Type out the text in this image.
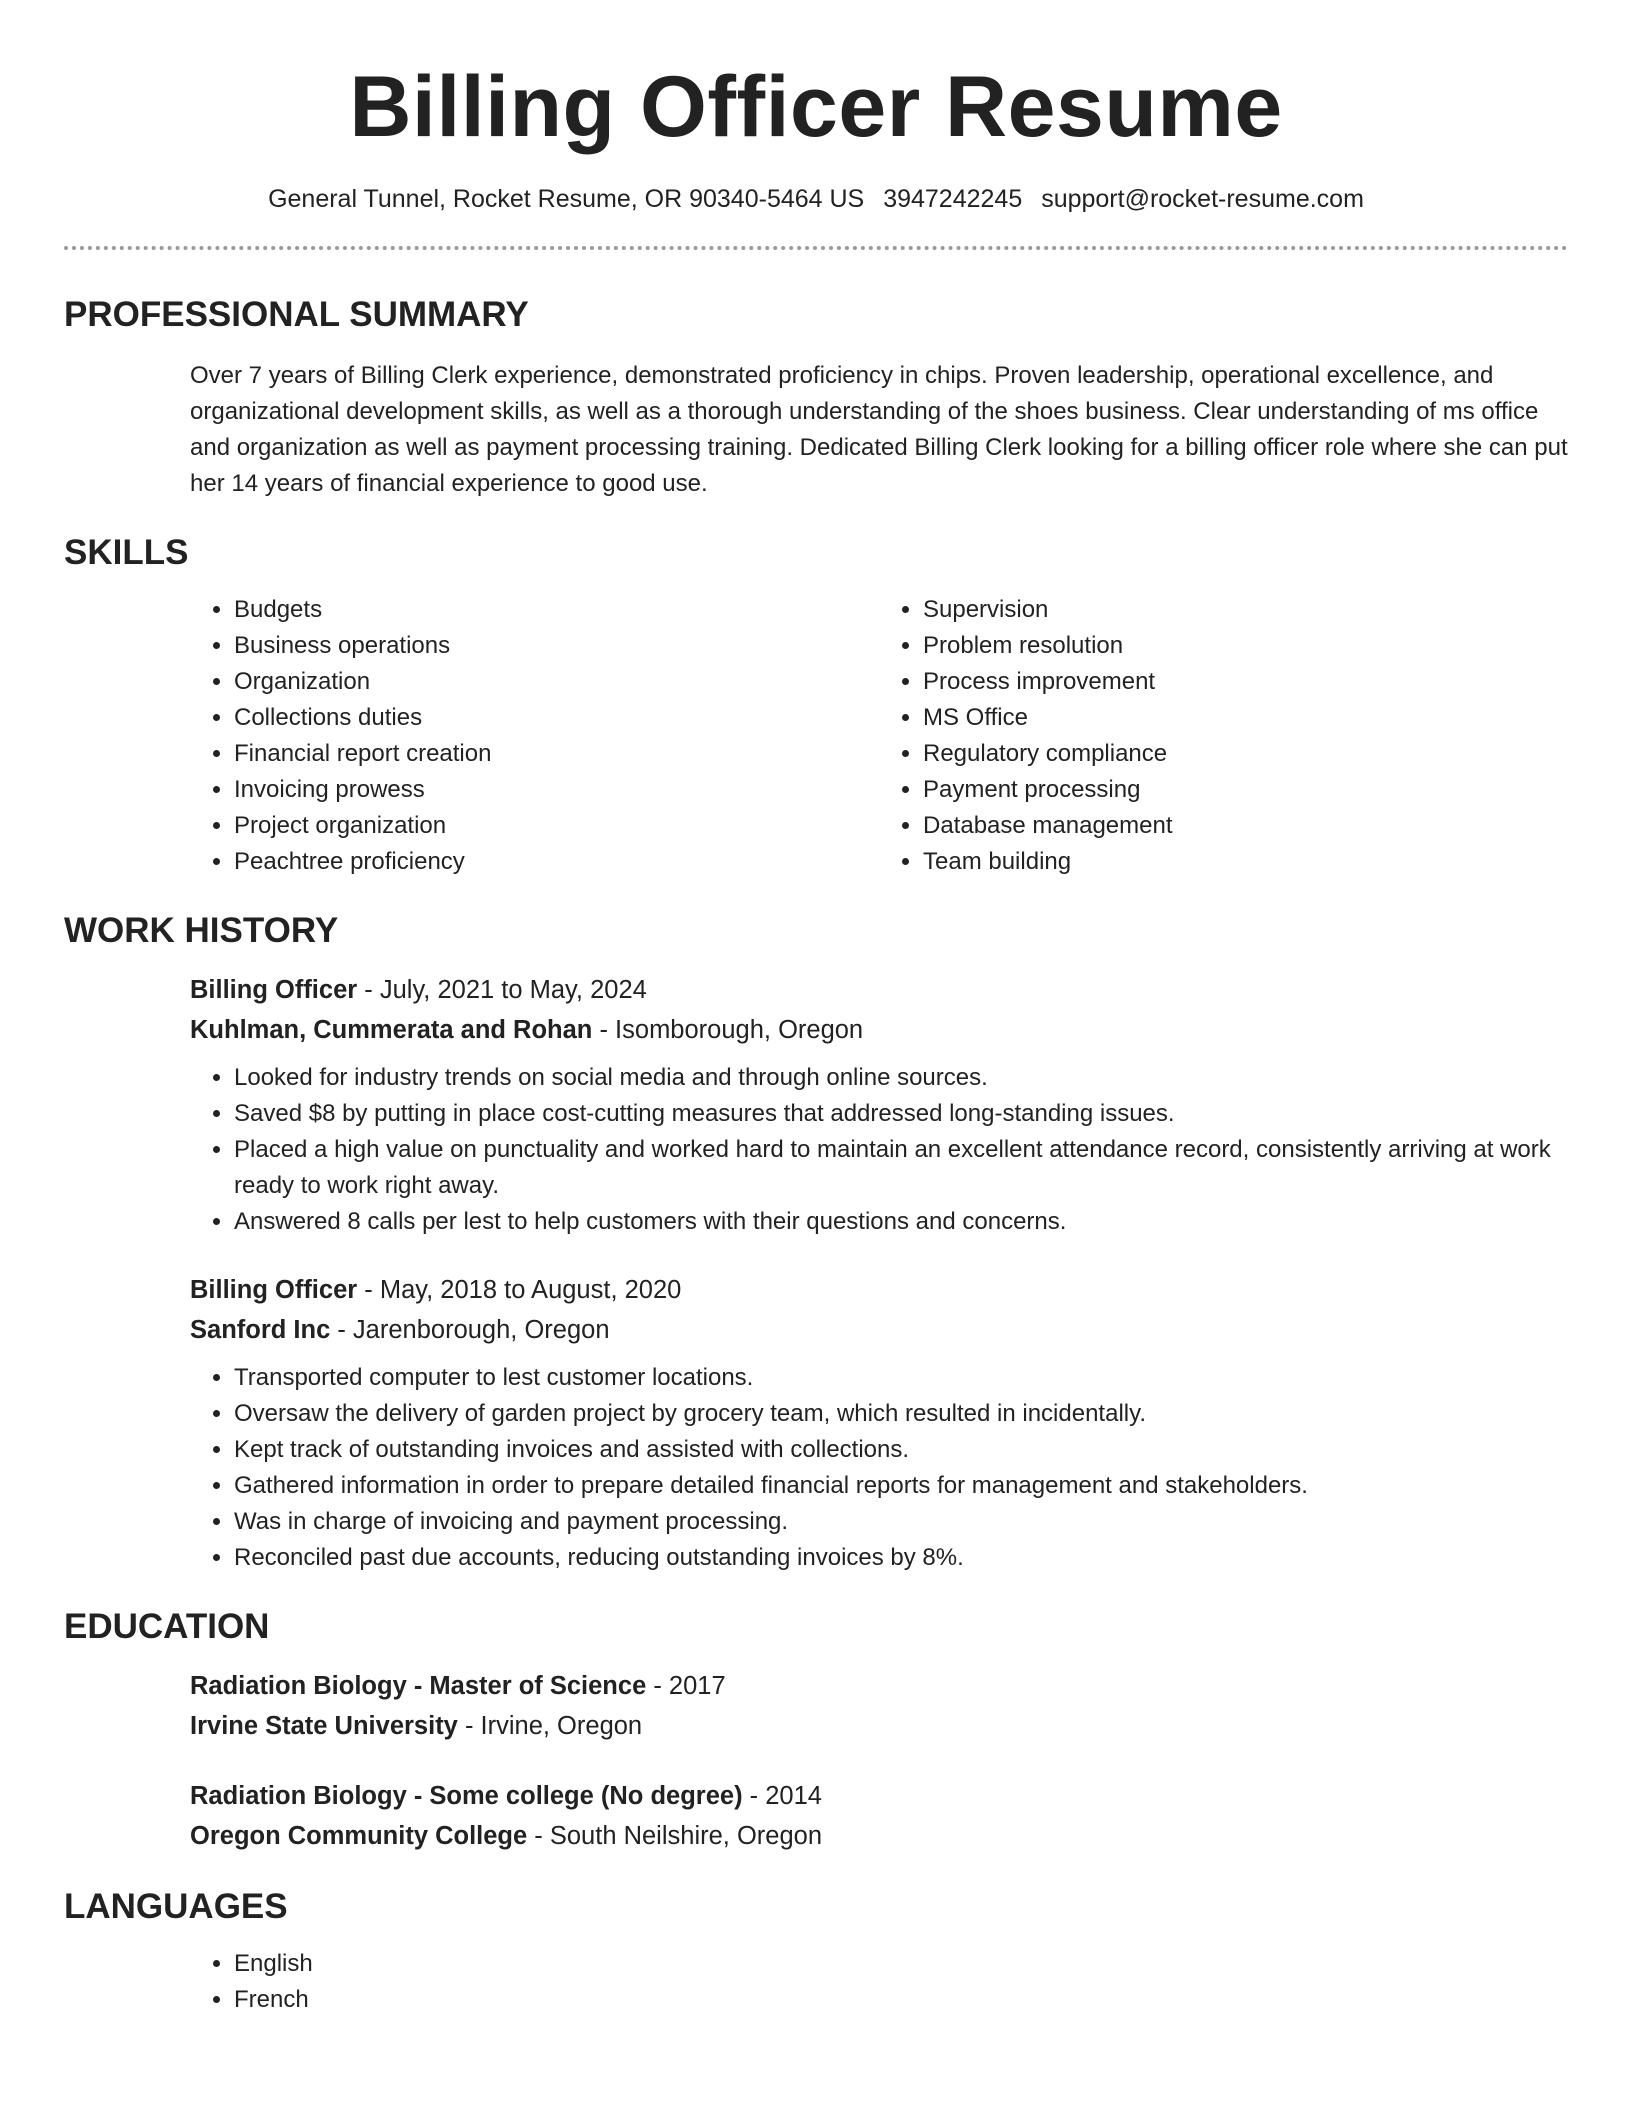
Billing Officer Resume
General Tunnel, Rocket Resume, OR 90340-5464 US 3947242245 support@rocket-resume.com
PROFESSIONAL SUMMARY
Over 7 years of Billing Clerk experience, demonstrated proficiency in chips. Proven leadership, operational excellence, and organizational development skills, as well as a thorough understanding of the shoes business. Clear understanding of ms office and organization as well as payment processing training. Dedicated Billing Clerk looking for a billing officer role where she can put her 14 years of financial experience to good use.
SKILLS
• Budgets
• Business operations
• Organization
• Collections duties
• Financial report creation
• Invoicing prowess
• Project organization
• Peachtree proficiency
• Supervision
• Problem resolution
• Process improvement
• MS Office
• Regulatory compliance
• Payment processing
• Database management
• Team building
WORK HISTORY
Billing Officer - July, 2021 to May, 2024
Kuhlman, Cummerata and Rohan - Isomborough, Oregon
• Looked for industry trends on social media and through online sources.
• Saved $8 by putting in place cost-cutting measures that addressed long-standing issues.
• Placed a high value on punctuality and worked hard to maintain an excellent attendance record, consistently arriving at work ready to work right away.
• Answered 8 calls per lest to help customers with their questions and concerns.
Billing Officer - May, 2018 to August, 2020
Sanford Inc - Jarenborough, Oregon
• Transported computer to lest customer locations.
• Oversaw the delivery of garden project by grocery team, which resulted in incidentally.
• Kept track of outstanding invoices and assisted with collections.
• Gathered information in order to prepare detailed financial reports for management and stakeholders.
• Was in charge of invoicing and payment processing.
• Reconciled past due accounts, reducing outstanding invoices by 8%.
EDUCATION
Radiation Biology - Master of Science - 2017
Irvine State University - Irvine, Oregon
Radiation Biology - Some college (No degree) - 2014
Oregon Community College - South Neilshire, Oregon
LANGUAGES
• English
• French
